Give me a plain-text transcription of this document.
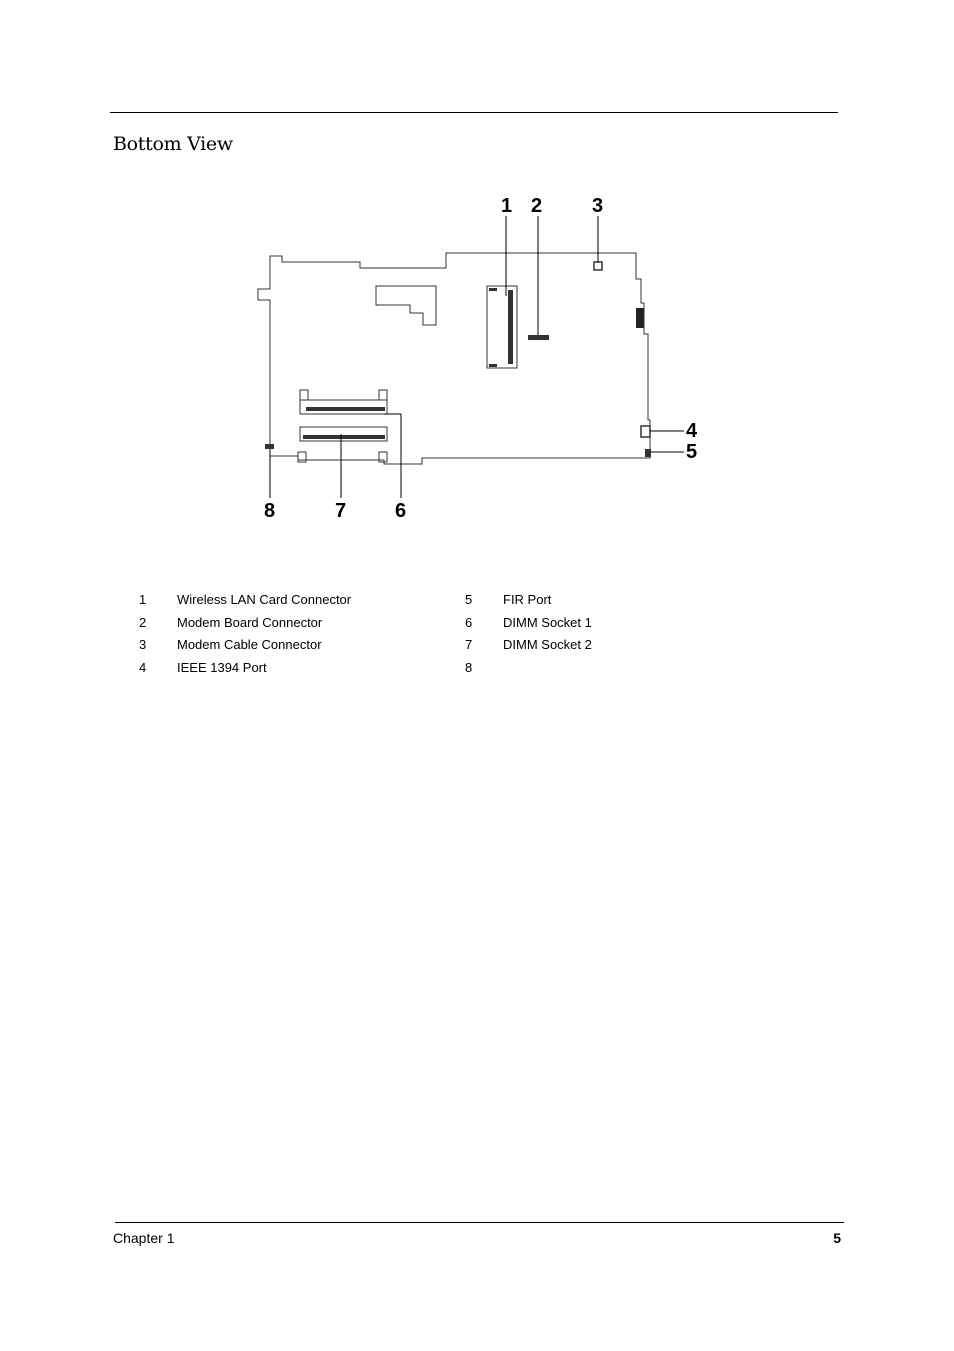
Bottom View
1 2 3
4
5
6
7
8
1 Wireless LAN Card Connector
2 Modem Board Connector
3 Modem Cable Connector
4 IEEE 1394 Port
5 FIR Port
6 DIMM Socket 1
7 DIMM Socket 2
8
Chapter 1	5
